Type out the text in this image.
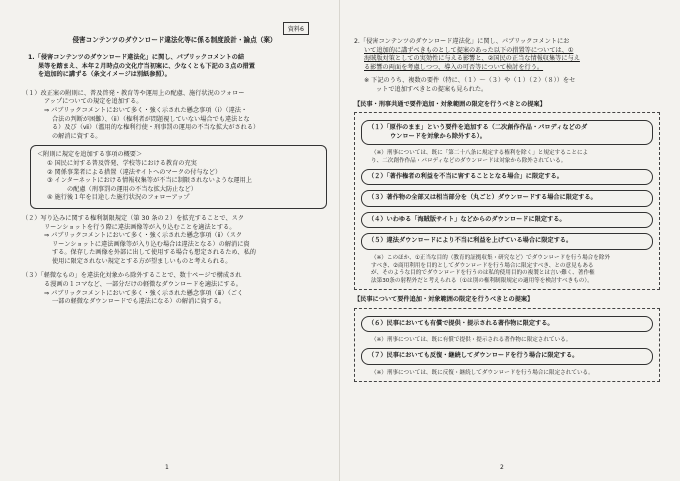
資料6
侵害コンテンツのダウンロード違法化等に係る制度設計・論点（案）
1.「侵害コンテンツのダウンロード違法化」に関し、パブリックコメントの結
果等を踏まえ、本年２月時点の文化庁当初案に、少なくとも下記の３点の措置
を追加的に講ずる（条文イメージは別紙参照）。
（１）改正案の附則に、普及啓発・教育等や運用上の配慮、施行状況のフォロー
アップについての規定を追加する。
⇒ パブリックコメントにおいて多く・強く示された懸念事項（ⅰ）（違法・
合法の判断が困難）、（ⅱ）（権利者が問題視していない場合でも違法とな
る）及び（ⅶ）（濫用的な権利行使・刑事罰の運用の不当な拡大がされる）
の解消に資する。
＜附則に規定を追加する事項の概要＞
① 国民に対する普及啓発、学校等における教育の充実
② 関係事業者による措置（違法サイトへのマークの付与など）
③ インターネットにおける情報収集等が不当に制限されないような運用上
の配慮（刑事罰の運用の不当な拡大防止など）
④ 施行後１年を目途した施行状況のフォローアップ
（２）写り込みに関する権利制限規定（第 30 条の２）を拡充することで、スク
リーンショットを行う際に違法画像等が入り込むことを適法とする。
⇒ パブリックコメントにおいて多く・強く示された懸念事項（ⅱ）（スク
リーンショットに違法画像等が入り込む場合は違法となる）の解消に資
する。保存した画像を外部に出して使用する場合も想定されるため、私的
使用に限定されない規定とする方が望ましいものと考えられる。
（３）「軽微なもの」を違法化対象から除外することで、数十ページで構成され
る漫画の１コマなど、一部分だけの軽微なダウンロードを適法にする。
⇒ パブリックコメントにおいて多く・強く示された懸念事項（ⅲ）（ごく
一部の軽微なダウンロードでも違法になる）の解消に資する。
1
2.「侵害コンテンツのダウンロード違法化」に関し、パブリックコメントにお
いて追加的に講ずべきものとして提案のあった以下の措置等については、①
海賊版対策としての実効性に与える影響と、②国民の正当な情報収集等に与え
る影響の両面を考慮しつつ、導入の可否等について検討を行う。
※ 下記のうち、複数の要件（特に、（１）～（３）や（１）（２）（８））をセ
ットで追加すべきとの提案も見られた。
【民事・刑事共通で要件追加・対象範囲の限定を行うべきとの提案】
（１）「原作のまま」という要件を追加する（二次創作作品・パロディなどのダ
ウンロードを対象から除外する）。
（※）刑事については、既に「第二十八条に規定する権利を除く」と規定することによ
り、二次創作作品・パロディなどのダウンロードは対象から除外されている。
（２）「著作権者の利益を不当に害することとなる場合」に限定する。
（３）著作物の全部又は相当部分を（丸ごと）ダウンロードする場合に限定する。
（４）いわゆる「海賊版サイト」などからのダウンロードに限定する。
（５）違法ダウンロードにより不当に利益を上げている場合に限定する。
（※）このほか、①正当な目的（教育的証拠収集・研究など）でダウンロードを行う場合を除外
すべき、②商用利用を目的としてダウンロードを行う場合に限定すべき、との意見もある
が、そのような目的でダウンロードを行うのは私的使用目的の複製とは言い難く、著作権
法第30条の射程外だと考えられる（①は別の権利制限規定の適用等を検討すべきもの）。
【民事について要件追加・対象範囲の限定を行うべきとの提案】
（６）民事においても有償で提供・提示される著作物に限定する。
（※）刑事については、既に有償で提供・提示される著作物に限定されている。
（７）民事においても反復・継続してダウンロードを行う場合に限定する。
（※）刑事については、既に反復・継続してダウンロードを行う場合に限定されている。
2
